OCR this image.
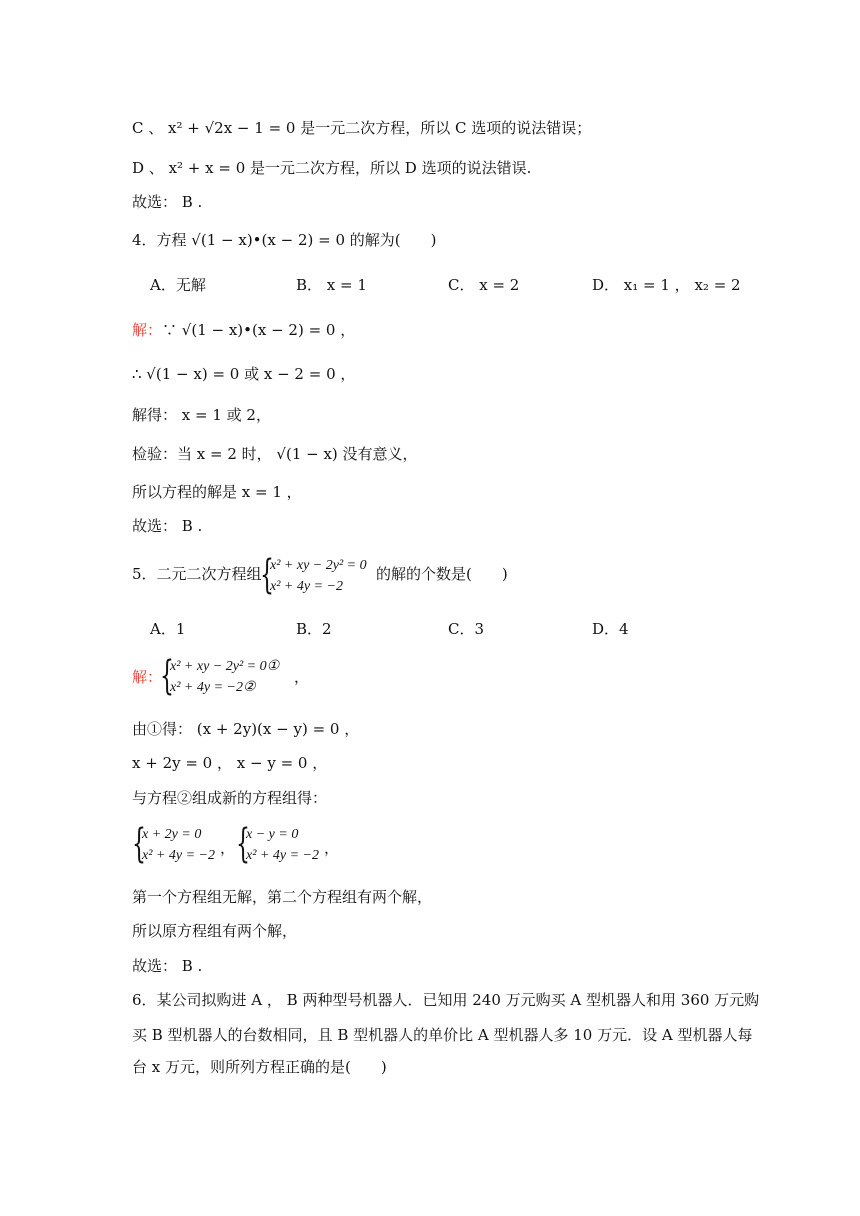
C 、 x² + √2x − 1 = 0 是一元二次方程，所以 C 选项的说法错误；
D 、 x² + x = 0 是一元二次方程，所以 D 选项的说法错误.
故选： B .
4．方程 √(1 − x)•(x − 2) = 0 的解为(　　)
A．无解	B． x = 1	C． x = 2	D． x₁ = 1 ， x₂ = 2
解：∵ √(1 − x)•(x − 2) = 0 ，
∴ √(1 − x) = 0 或 x − 2 = 0 ，
解得： x = 1 或 2，
检验：当 x = 2 时， √(1 − x) 没有意义，
所以方程的解是 x = 1 ，
故选： B .
5．二元二次方程组
{
x² + xy − 2y² = 0
x² + 4y = −2
的解的个数是(　　)
A．1	B．2	C．3	D．4
解：
{
x² + xy − 2y² = 0①
x² + 4y = −2②
，
由①得： (x + 2y)(x − y) = 0 ，
x + 2y = 0 ， x − y = 0 ，
与方程②组成新的方程组得：
{
x + 2y = 0
x² + 4y = −2 ， {
x − y = 0
x² + 4y = −2 ，
第一个方程组无解，第二个方程组有两个解，
所以原方程组有两个解，
故选： B .
6．某公司拟购进 A ， B 两种型号机器人．已知用 240 万元购买 A 型机器人和用 360 万元购
买 B 型机器人的台数相同，且 B 型机器人的单价比 A 型机器人多 10 万元．设 A 型机器人每
台 x 万元，则所列方程正确的是(　　)
